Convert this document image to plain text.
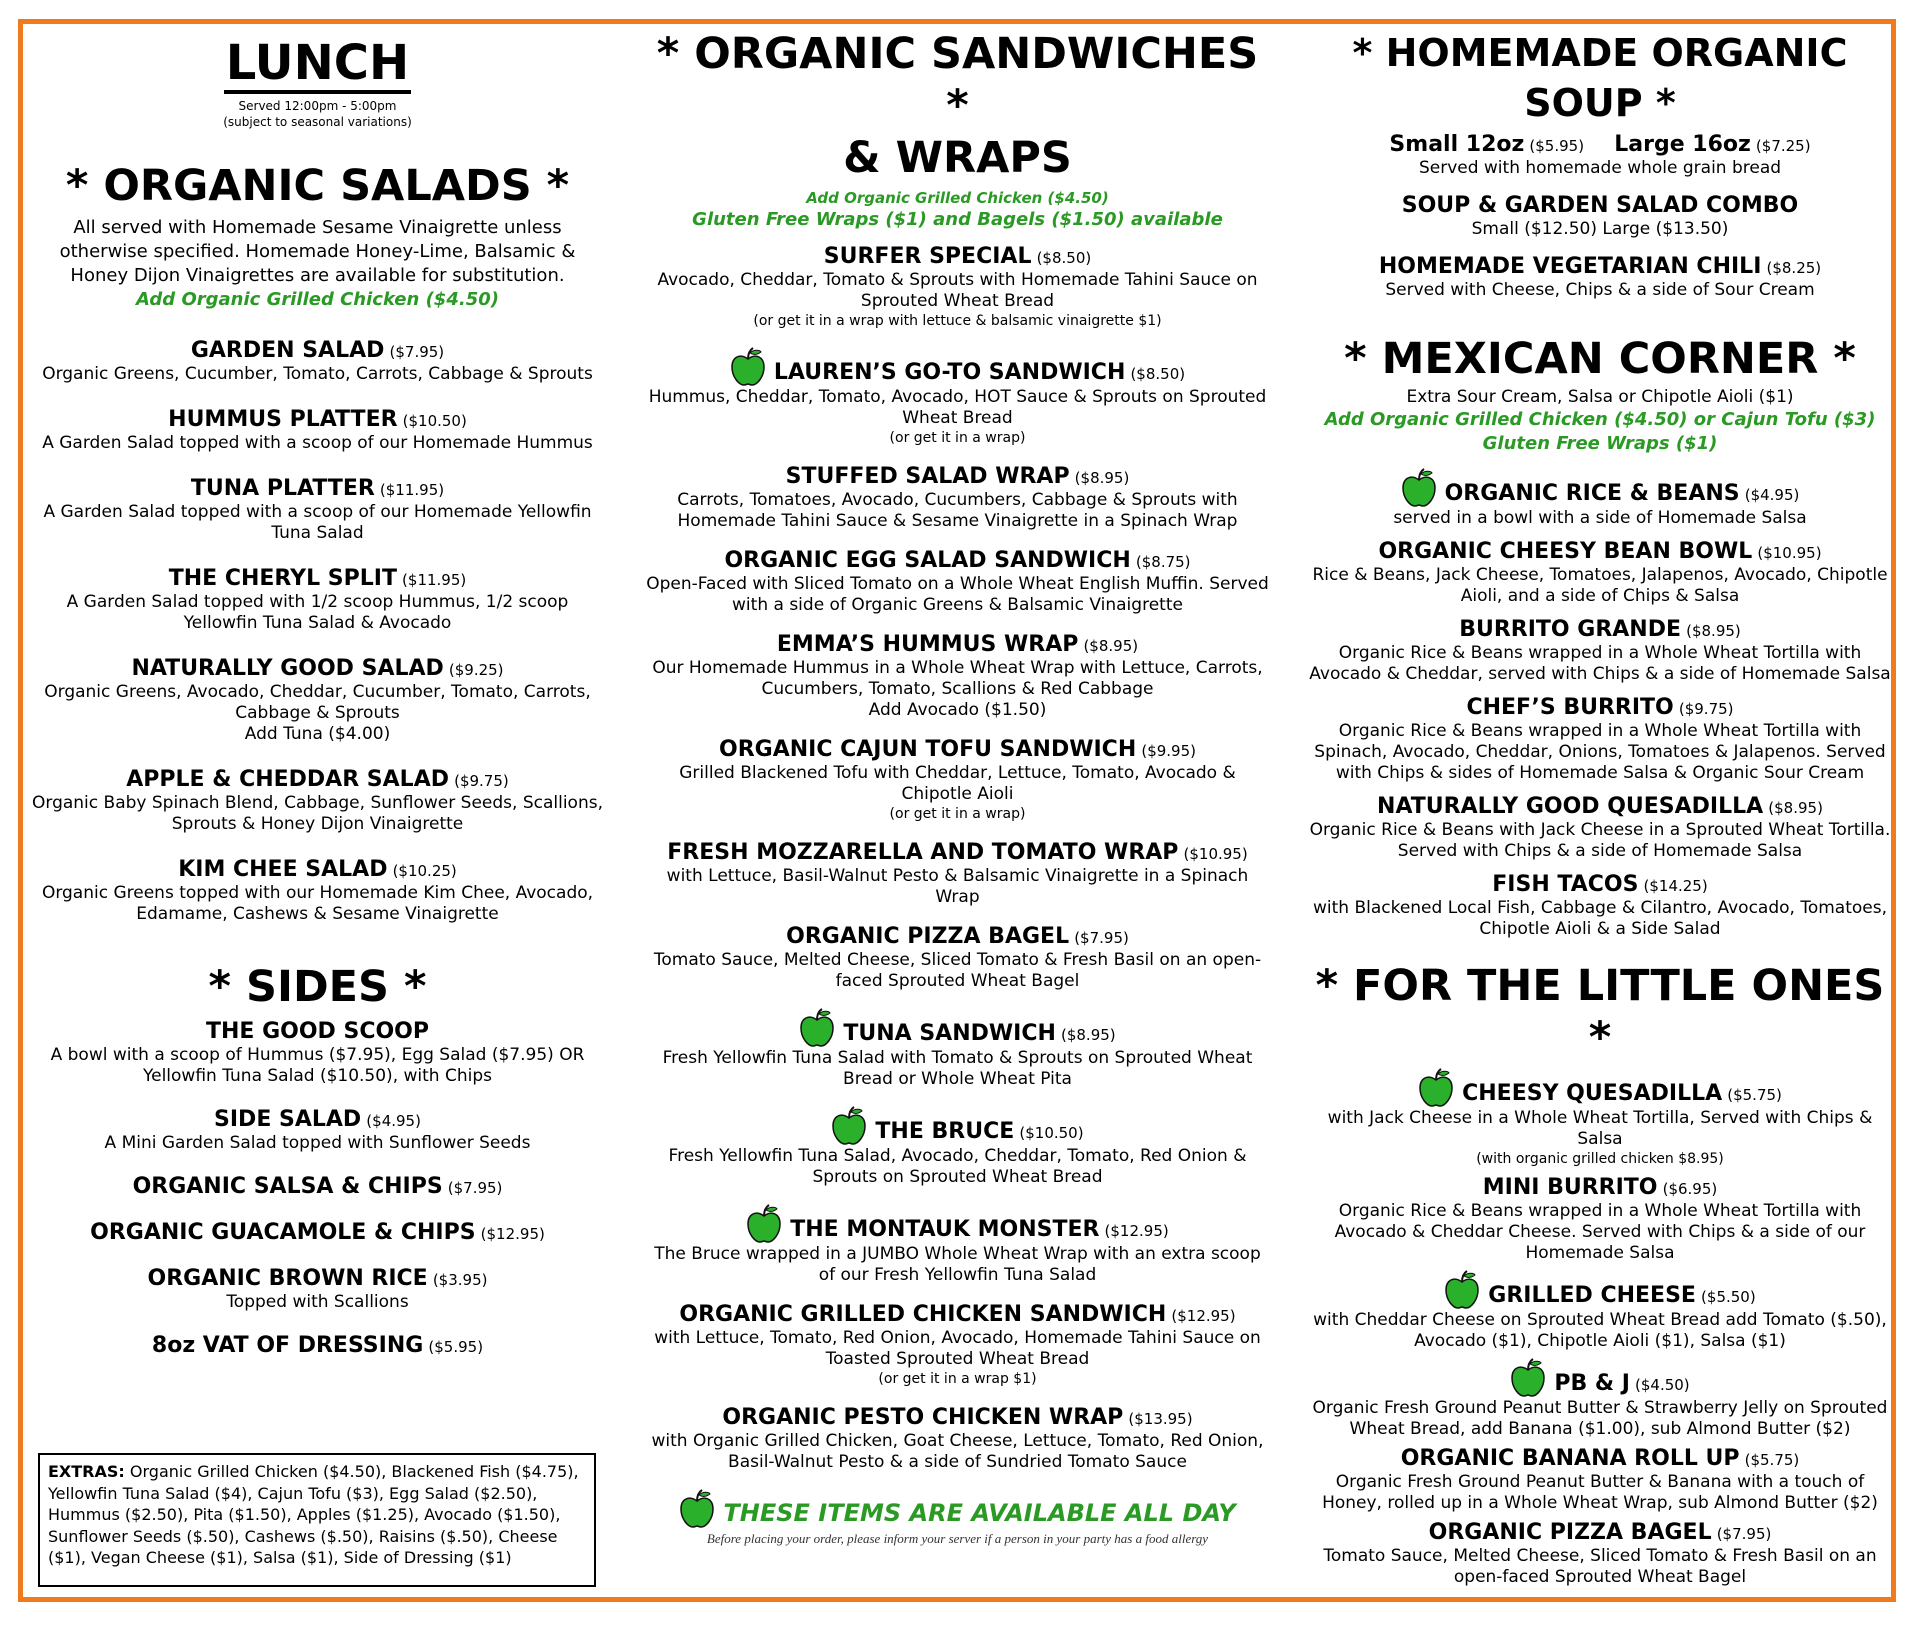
LUNCH
Served 12:00pm - 5:00pm
(subject to seasonal variations)
* ORGANIC SALADS *
All served with Homemade Sesame Vinaigrette unless otherwise specified. Homemade Honey-Lime, Balsamic & Honey Dijon Vinaigrettes are available for substitution.
Add Organic Grilled Chicken ($4.50)
GARDEN SALAD ($7.95)
Organic Greens, Cucumber, Tomato, Carrots, Cabbage & Sprouts
HUMMUS PLATTER ($10.50)
A Garden Salad topped with a scoop of our Homemade Hummus
TUNA PLATTER ($11.95)
A Garden Salad topped with a scoop of our Homemade Yellowfin Tuna Salad
THE CHERYL SPLIT ($11.95)
A Garden Salad topped with 1/2 scoop Hummus, 1/2 scoop Yellowfin Tuna Salad & Avocado
NATURALLY GOOD SALAD ($9.25)
Organic Greens, Avocado, Cheddar, Cucumber, Tomato, Carrots, Cabbage & Sprouts
Add Tuna ($4.00)
APPLE & CHEDDAR SALAD ($9.75)
Organic Baby Spinach Blend, Cabbage, Sunflower Seeds, Scallions, Sprouts & Honey Dijon Vinaigrette
KIM CHEE SALAD ($10.25)
Organic Greens topped with our Homemade Kim Chee, Avocado, Edamame, Cashews & Sesame Vinaigrette
* SIDES *
THE GOOD SCOOP
A bowl with a scoop of Hummus ($7.95), Egg Salad ($7.95) OR Yellowfin Tuna Salad ($10.50), with Chips
SIDE SALAD ($4.95)
A Mini Garden Salad topped with Sunflower Seeds
ORGANIC SALSA & CHIPS ($7.95)
ORGANIC GUACAMOLE & CHIPS ($12.95)
ORGANIC BROWN RICE ($3.95)
Topped with Scallions
8oz VAT OF DRESSING ($5.95)
EXTRAS: Organic Grilled Chicken ($4.50), Blackened Fish ($4.75), Yellowfin Tuna Salad ($4), Cajun Tofu ($3), Egg Salad ($2.50), Hummus ($2.50), Pita ($1.50), Apples ($1.25), Avocado ($1.50), Sunflower Seeds ($.50), Cashews ($.50), Raisins ($.50), Cheese ($1), Vegan Cheese ($1), Salsa ($1), Side of Dressing ($1)
* ORGANIC SANDWICHES *
& WRAPS
Add Organic Grilled Chicken ($4.50)
Gluten Free Wraps ($1) and Bagels ($1.50) available
SURFER SPECIAL ($8.50)
Avocado, Cheddar, Tomato & Sprouts with Homemade Tahini Sauce on Sprouted Wheat Bread
(or get it in a wrap with lettuce & balsamic vinaigrette $1)
LAUREN’S GO-TO SANDWICH ($8.50)
Hummus, Cheddar, Tomato, Avocado, HOT Sauce & Sprouts on Sprouted Wheat Bread
(or get it in a wrap)
STUFFED SALAD WRAP ($8.95)
Carrots, Tomatoes, Avocado, Cucumbers, Cabbage & Sprouts with Homemade Tahini Sauce & Sesame Vinaigrette in a Spinach Wrap
ORGANIC EGG SALAD SANDWICH ($8.75)
Open-Faced with Sliced Tomato on a Whole Wheat English Muffin. Served with a side of Organic Greens & Balsamic Vinaigrette
EMMA’S HUMMUS WRAP ($8.95)
Our Homemade Hummus in a Whole Wheat Wrap with Lettuce, Carrots, Cucumbers, Tomato, Scallions & Red Cabbage
Add Avocado ($1.50)
ORGANIC CAJUN TOFU SANDWICH ($9.95)
Grilled Blackened Tofu with Cheddar, Lettuce, Tomato, Avocado & Chipotle Aioli
(or get it in a wrap)
FRESH MOZZARELLA AND TOMATO WRAP ($10.95)
with Lettuce, Basil-Walnut Pesto & Balsamic Vinaigrette in a Spinach Wrap
ORGANIC PIZZA BAGEL ($7.95)
Tomato Sauce, Melted Cheese, Sliced Tomato & Fresh Basil on an open-faced Sprouted Wheat Bagel
TUNA SANDWICH ($8.95)
Fresh Yellowfin Tuna Salad with Tomato & Sprouts on Sprouted Wheat Bread or Whole Wheat Pita
THE BRUCE ($10.50)
Fresh Yellowfin Tuna Salad, Avocado, Cheddar, Tomato, Red Onion & Sprouts on Sprouted Wheat Bread
THE MONTAUK MONSTER ($12.95)
The Bruce wrapped in a JUMBO Whole Wheat Wrap with an extra scoop of our Fresh Yellowfin Tuna Salad
ORGANIC GRILLED CHICKEN SANDWICH ($12.95)
with Lettuce, Tomato, Red Onion, Avocado, Homemade Tahini Sauce on Toasted Sprouted Wheat Bread
(or get it in a wrap $1)
ORGANIC PESTO CHICKEN WRAP ($13.95)
with Organic Grilled Chicken, Goat Cheese, Lettuce, Tomato, Red Onion, Basil-Walnut Pesto & a side of Sundried Tomato Sauce
THESE ITEMS ARE AVAILABLE ALL DAY
Before placing your order, please inform your server if a person in your party has a food allergy
* HOMEMADE ORGANIC SOUP *
Small 12oz ($5.95) Large 16oz ($7.25)
Served with homemade whole grain bread
SOUP & GARDEN SALAD COMBO
Small ($12.50) Large ($13.50)
HOMEMADE VEGETARIAN CHILI ($8.25)
Served with Cheese, Chips & a side of Sour Cream
* MEXICAN CORNER *
Extra Sour Cream, Salsa or Chipotle Aioli ($1)
Add Organic Grilled Chicken ($4.50) or Cajun Tofu ($3)
Gluten Free Wraps ($1)
ORGANIC RICE & BEANS ($4.95)
served in a bowl with a side of Homemade Salsa
ORGANIC CHEESY BEAN BOWL ($10.95)
Rice & Beans, Jack Cheese, Tomatoes, Jalapenos, Avocado, Chipotle Aioli, and a side of Chips & Salsa
BURRITO GRANDE ($8.95)
Organic Rice & Beans wrapped in a Whole Wheat Tortilla with Avocado & Cheddar, served with Chips & a side of Homemade Salsa
CHEF’S BURRITO ($9.75)
Organic Rice & Beans wrapped in a Whole Wheat Tortilla with Spinach, Avocado, Cheddar, Onions, Tomatoes & Jalapenos. Served with Chips & sides of Homemade Salsa & Organic Sour Cream
NATURALLY GOOD QUESADILLA ($8.95)
Organic Rice & Beans with Jack Cheese in a Sprouted Wheat Tortilla. Served with Chips & a side of Homemade Salsa
FISH TACOS ($14.25)
with Blackened Local Fish, Cabbage & Cilantro, Avocado, Tomatoes, Chipotle Aioli & a Side Salad
* FOR THE LITTLE ONES *
CHEESY QUESADILLA ($5.75)
with Jack Cheese in a Whole Wheat Tortilla, Served with Chips & Salsa
(with organic grilled chicken $8.95)
MINI BURRITO ($6.95)
Organic Rice & Beans wrapped in a Whole Wheat Tortilla with Avocado & Cheddar Cheese. Served with Chips & a side of our Homemade Salsa
GRILLED CHEESE ($5.50)
with Cheddar Cheese on Sprouted Wheat Bread add Tomato ($.50), Avocado ($1), Chipotle Aioli ($1), Salsa ($1)
PB & J ($4.50)
Organic Fresh Ground Peanut Butter & Strawberry Jelly on Sprouted Wheat Bread, add Banana ($1.00), sub Almond Butter ($2)
ORGANIC BANANA ROLL UP ($5.75)
Organic Fresh Ground Peanut Butter & Banana with a touch of Honey, rolled up in a Whole Wheat Wrap, sub Almond Butter ($2)
ORGANIC PIZZA BAGEL ($7.95)
Tomato Sauce, Melted Cheese, Sliced Tomato & Fresh Basil on an open-faced Sprouted Wheat Bagel
